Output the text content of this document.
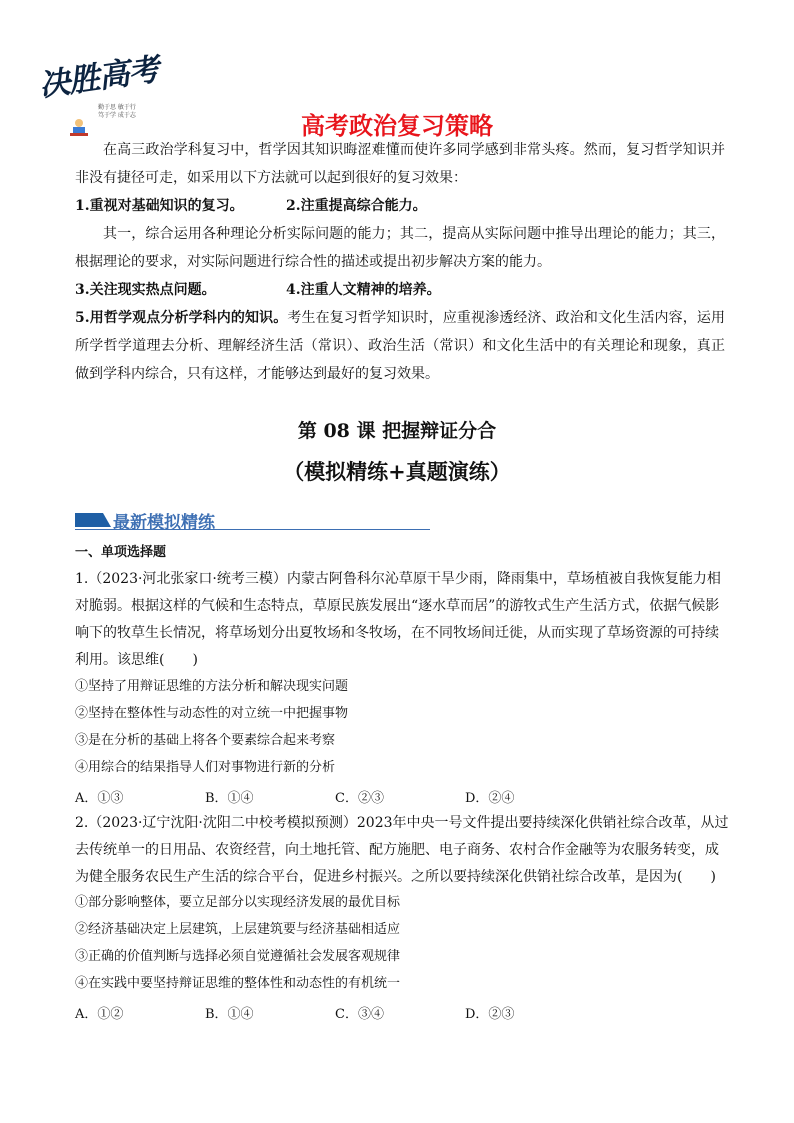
决胜高考
勤于思 敏于行
笃于学 成于志	高考政治复习策略

在高三政治学科复习中，哲学因其知识晦涩难懂而使许多同学感到非常头疼。然而，复习哲学知识并非没有捷径可走，如采用以下方法就可以起到很好的复习效果：

1.重视对基础知识的复习。	2.注重提高综合能力。

其一，综合运用各种理论分析实际问题的能力；其二，提高从实际问题中推导出理论的能力；其三，根据理论的要求，对实际问题进行综合性的描述或提出初步解决方案的能力。

3.关注现实热点问题。	4.注重人文精神的培养。

5.用哲学观点分析学科内的知识。考生在复习哲学知识时，应重视渗透经济、政治和文化生活内容，运用所学哲学道理去分析、理解经济生活（常识）、政治生活（常识）和文化生活中的有关理论和现象，真正做到学科内综合，只有这样，才能够达到最好的复习效果。

第 08 课 把握辩证分合
（模拟精练+真题演练）
最新模拟精练
一、单项选择题

1.（2023·河北张家口·统考三模）内蒙古阿鲁科尔沁草原干旱少雨，降雨集中，草场植被自我恢复能力相对脆弱。根据这样的气候和生态特点，草原民族发展出“逐水草而居”的游牧式生产生活方式，依据气候影响下的牧草生长情况，将草场划分出夏牧场和冬牧场，在不同牧场间迁徙，从而实现了草场资源的可持续利用。该思维(　　)

①坚持了用辩证思维的方法分析和解决现实问题
②坚持在整体性与动态性的对立统一中把握事物
③是在分析的基础上将各个要素综合起来考察
④用综合的结果指导人们对事物进行新的分析
A．①③	B．①④	C．②③	D．②④

2.（2023·辽宁沈阳·沈阳二中校考模拟预测）2023年中央一号文件提出要持续深化供销社综合改革，从过去传统单一的日用品、农资经营，向土地托管、配方施肥、电子商务、农村合作金融等为农服务转变，成为健全服务农民生产生活的综合平台，促进乡村振兴。之所以要持续深化供销社综合改革，是因为(　　)

①部分影响整体，要立足部分以实现经济发展的最优目标
②经济基础决定上层建筑，上层建筑要与经济基础相适应
③正确的价值判断与选择必须自觉遵循社会发展客观规律
④在实践中要坚持辩证思维的整体性和动态性的有机统一
A．①②	B．①④	C．③④	D．②③
